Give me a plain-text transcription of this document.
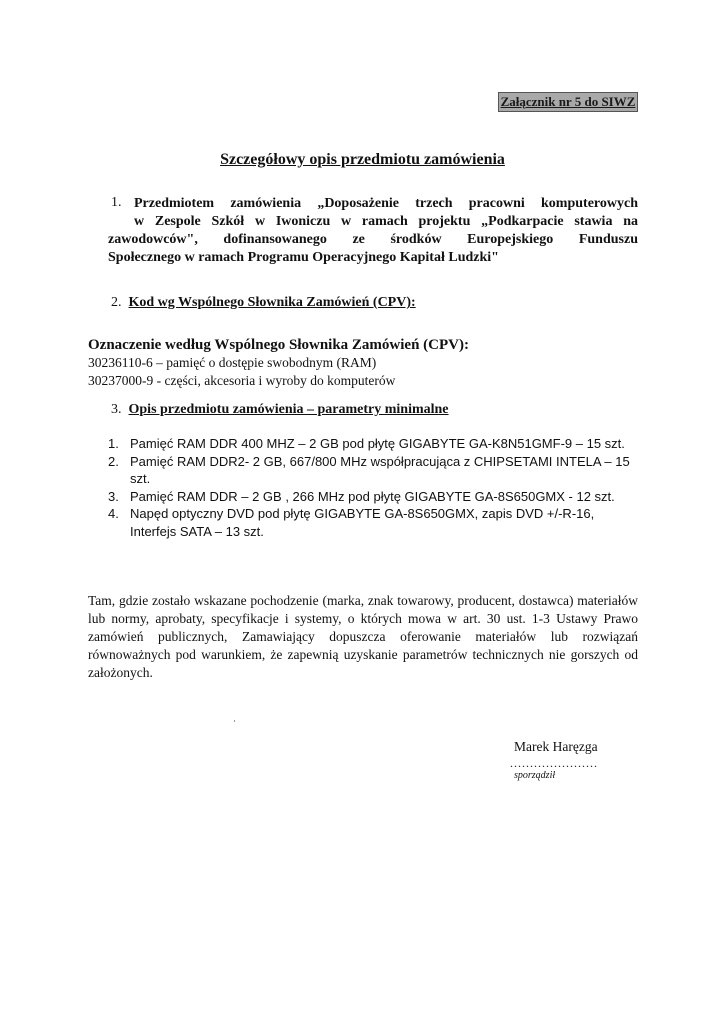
Załącznik nr 5 do SIWZ
Szczegółowy opis przedmiotu zamówienia
1. Przedmiotem zamówienia „Doposażenie trzech pracowni komputerowych
w Zespole Szkół w Iwoniczu w ramach projektu „Podkarpacie stawia na
zawodowców", dofinansowanego ze środków Europejskiego Funduszu
Społecznego w ramach Programu Operacyjnego Kapitał Ludzki"
2. Kod wg Wspólnego Słownika Zamówień (CPV):
Oznaczenie według Wspólnego Słownika Zamówień (CPV):
30236110-6 – pamięć o dostępie swobodnym (RAM)
30237000-9 - części, akcesoria i wyroby do komputerów
3. Opis przedmiotu zamówienia – parametry minimalne
1. Pamięć RAM DDR 400 MHZ – 2 GB pod płytę GIGABYTE GA-K8N51GMF-9 – 15 szt.
2. Pamięć RAM DDR2- 2 GB, 667/800 MHz współpracująca z CHIPSETAMI INTELA – 15 szt.
3. Pamięć RAM DDR – 2 GB , 266 MHz pod płytę GIGABYTE GA-8S650GMX - 12 szt.
4. Napęd optyczny DVD pod płytę GIGABYTE GA-8S650GMX, zapis DVD +/-R-16, Interfejs SATA – 13 szt.
Tam, gdzie zostało wskazane pochodzenie (marka, znak towarowy, producent, dostawca) materiałów lub normy, aprobaty, specyfikacje i systemy, o których mowa w art. 30 ust. 1-3 Ustawy Prawo zamówień publicznych, Zamawiający dopuszcza oferowanie materiałów lub rozwiązań równoważnych pod warunkiem, że zapewnią uzyskanie parametrów technicznych nie gorszych od założonych.
Marek Haręzga
......................
sporządził
